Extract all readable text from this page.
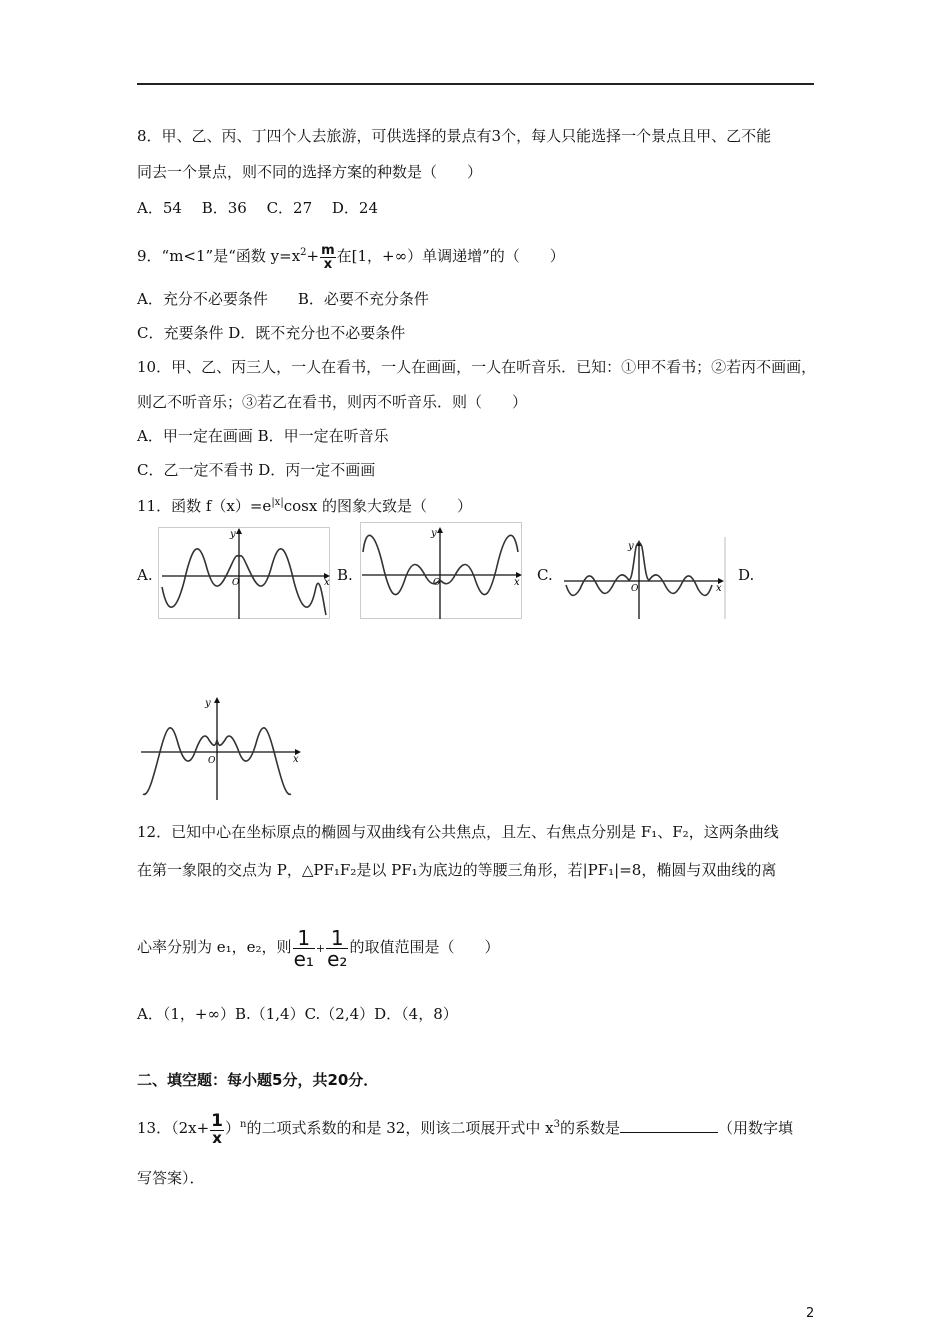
8．甲、乙、丙、丁四个人去旅游，可供选择的景点有3个，每人只能选择一个景点且甲、乙不能
同去一个景点，则不同的选择方案的种数是（　　）
A．54　 B．36　 C．27　 D．24
9．“m<1”是“函数 $y=x^2+ \frac{m}{x}$ 在[1，+∞）单调递增”的（　　）
A．充分不必要条件　　B．必要不充分条件
C．充要条件 D．既不充分也不必要条件
10．甲、乙、丙三人，一人在看书，一人在画画，一人在听音乐．已知：①甲不看书；②若丙不画画，
则乙不听音乐；③若乙在看书，则丙不听音乐．则（　　）
A．甲一定在画画 B．甲一定在听音乐
C．乙一定不看书 D．丙一定不画画
11．函数 $f(x)=e^{|x|}\cos x$ 的图象大致是（　　）
A.	B.	C.	D.
y
x
O
y
x
O
y
x
O
y
x
O
12．已知中心在坐标原点的椭圆与双曲线有公共焦点，且左、右焦点分别是 F₁、F₂，这两条曲线
在第一象限的交点为 P，△PF₁F₂是以 PF₁为底边的等腰三角形，若|PF₁|=8，椭圆与双曲线的离
心率分别为 e₁，e₂，则 $\frac{1}{\text{e₁}} + \frac{1}{\text{e₂}}$ 的取值范围是（　　）
A．（1，+∞）B.（1,4）C.（2,4）D．（4，8）
二、填空题：每小题5分，共20分．
13．$(2x+ \frac{1}{x} )^n$的二项式系数的和是 32，则该二项展开式中 $x^3$的系数是	（用数字填
写答案）．
2
